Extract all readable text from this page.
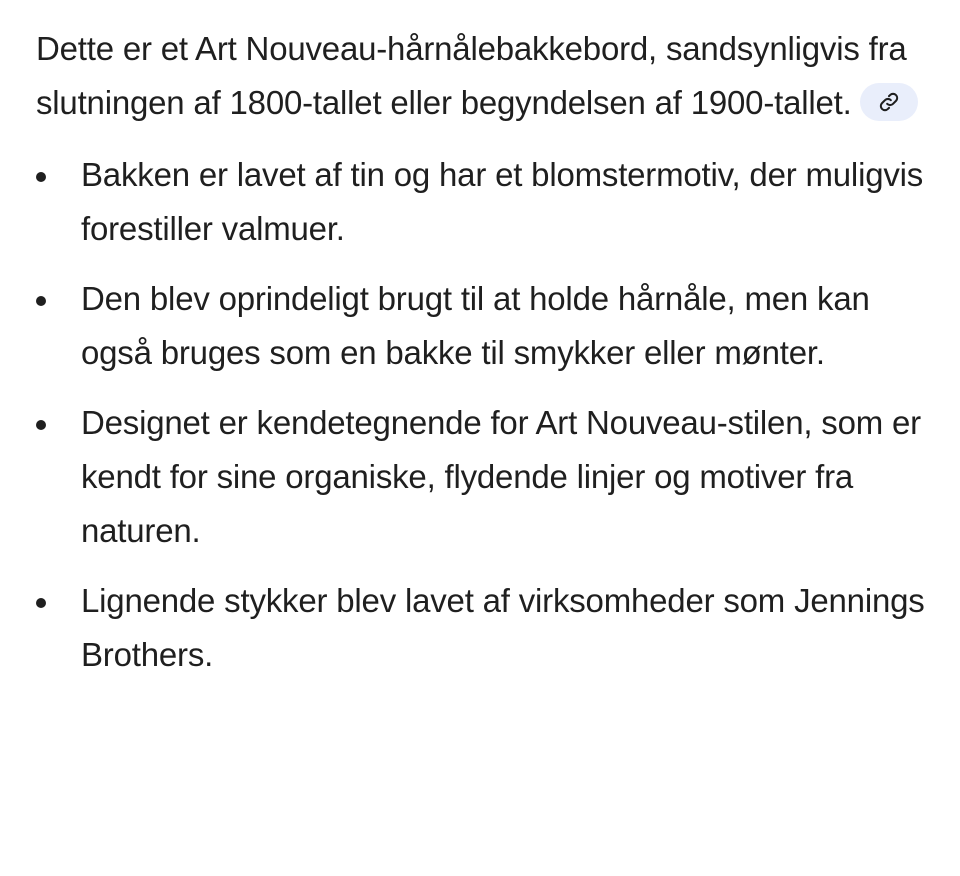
Dette er et Art Nouveau-hårnålebakkebord, sandsynligvis fra slutningen af 1800-tallet eller begyndelsen af 1900-tallet.

Bakken er lavet af tin og har et blomstermotiv, der muligvis forestiller valmuer.
Den blev oprindeligt brugt til at holde hårnåle, men kan også bruges som en bakke til smykker eller mønter.
Designet er kendetegnende for Art Nouveau-stilen, som er kendt for sine organiske, flydende linjer og motiver fra naturen.
Lignende stykker blev lavet af virksomheder som Jennings Brothers.
